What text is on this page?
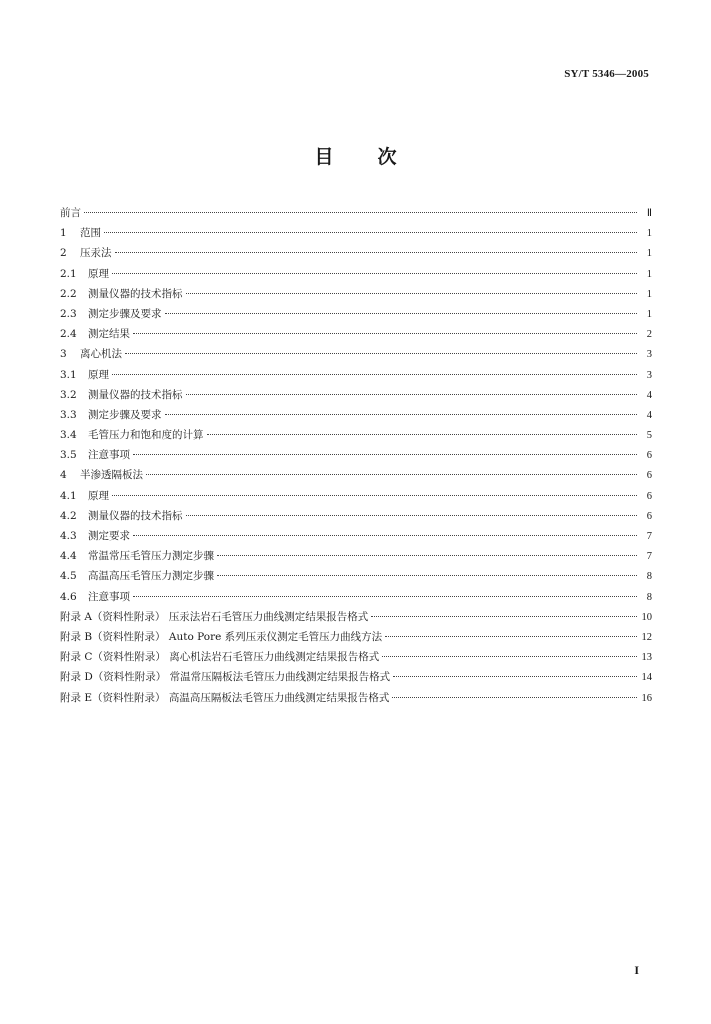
SY/T 5346—2005
目 次
前言	Ⅱ
1	范围	1
2	压汞法	1
2.1	原理	1
2.2	测量仪器的技术指标	1
2.3	测定步骤及要求	1
2.4	测定结果	2
3	离心机法	3
3.1	原理	3
3.2	测量仪器的技术指标	4
3.3	测定步骤及要求	4
3.4	毛管压力和饱和度的计算	5
3.5	注意事项	6
4	半渗透隔板法	6
4.1	原理	6
4.2	测量仪器的技术指标	6
4.3	测定要求	7
4.4	常温常压毛管压力测定步骤	7
4.5	高温高压毛管压力测定步骤	8
4.6	注意事项	8
附录 A（资料性附录） 压汞法岩石毛管压力曲线测定结果报告格式	10
附录 B（资料性附录） Auto Pore 系列压汞仪测定毛管压力曲线方法	12
附录 C（资料性附录） 离心机法岩石毛管压力曲线测定结果报告格式	13
附录 D（资料性附录） 常温常压隔板法毛管压力曲线测定结果报告格式	14
附录 E（资料性附录） 高温高压隔板法毛管压力曲线测定结果报告格式	16
I
